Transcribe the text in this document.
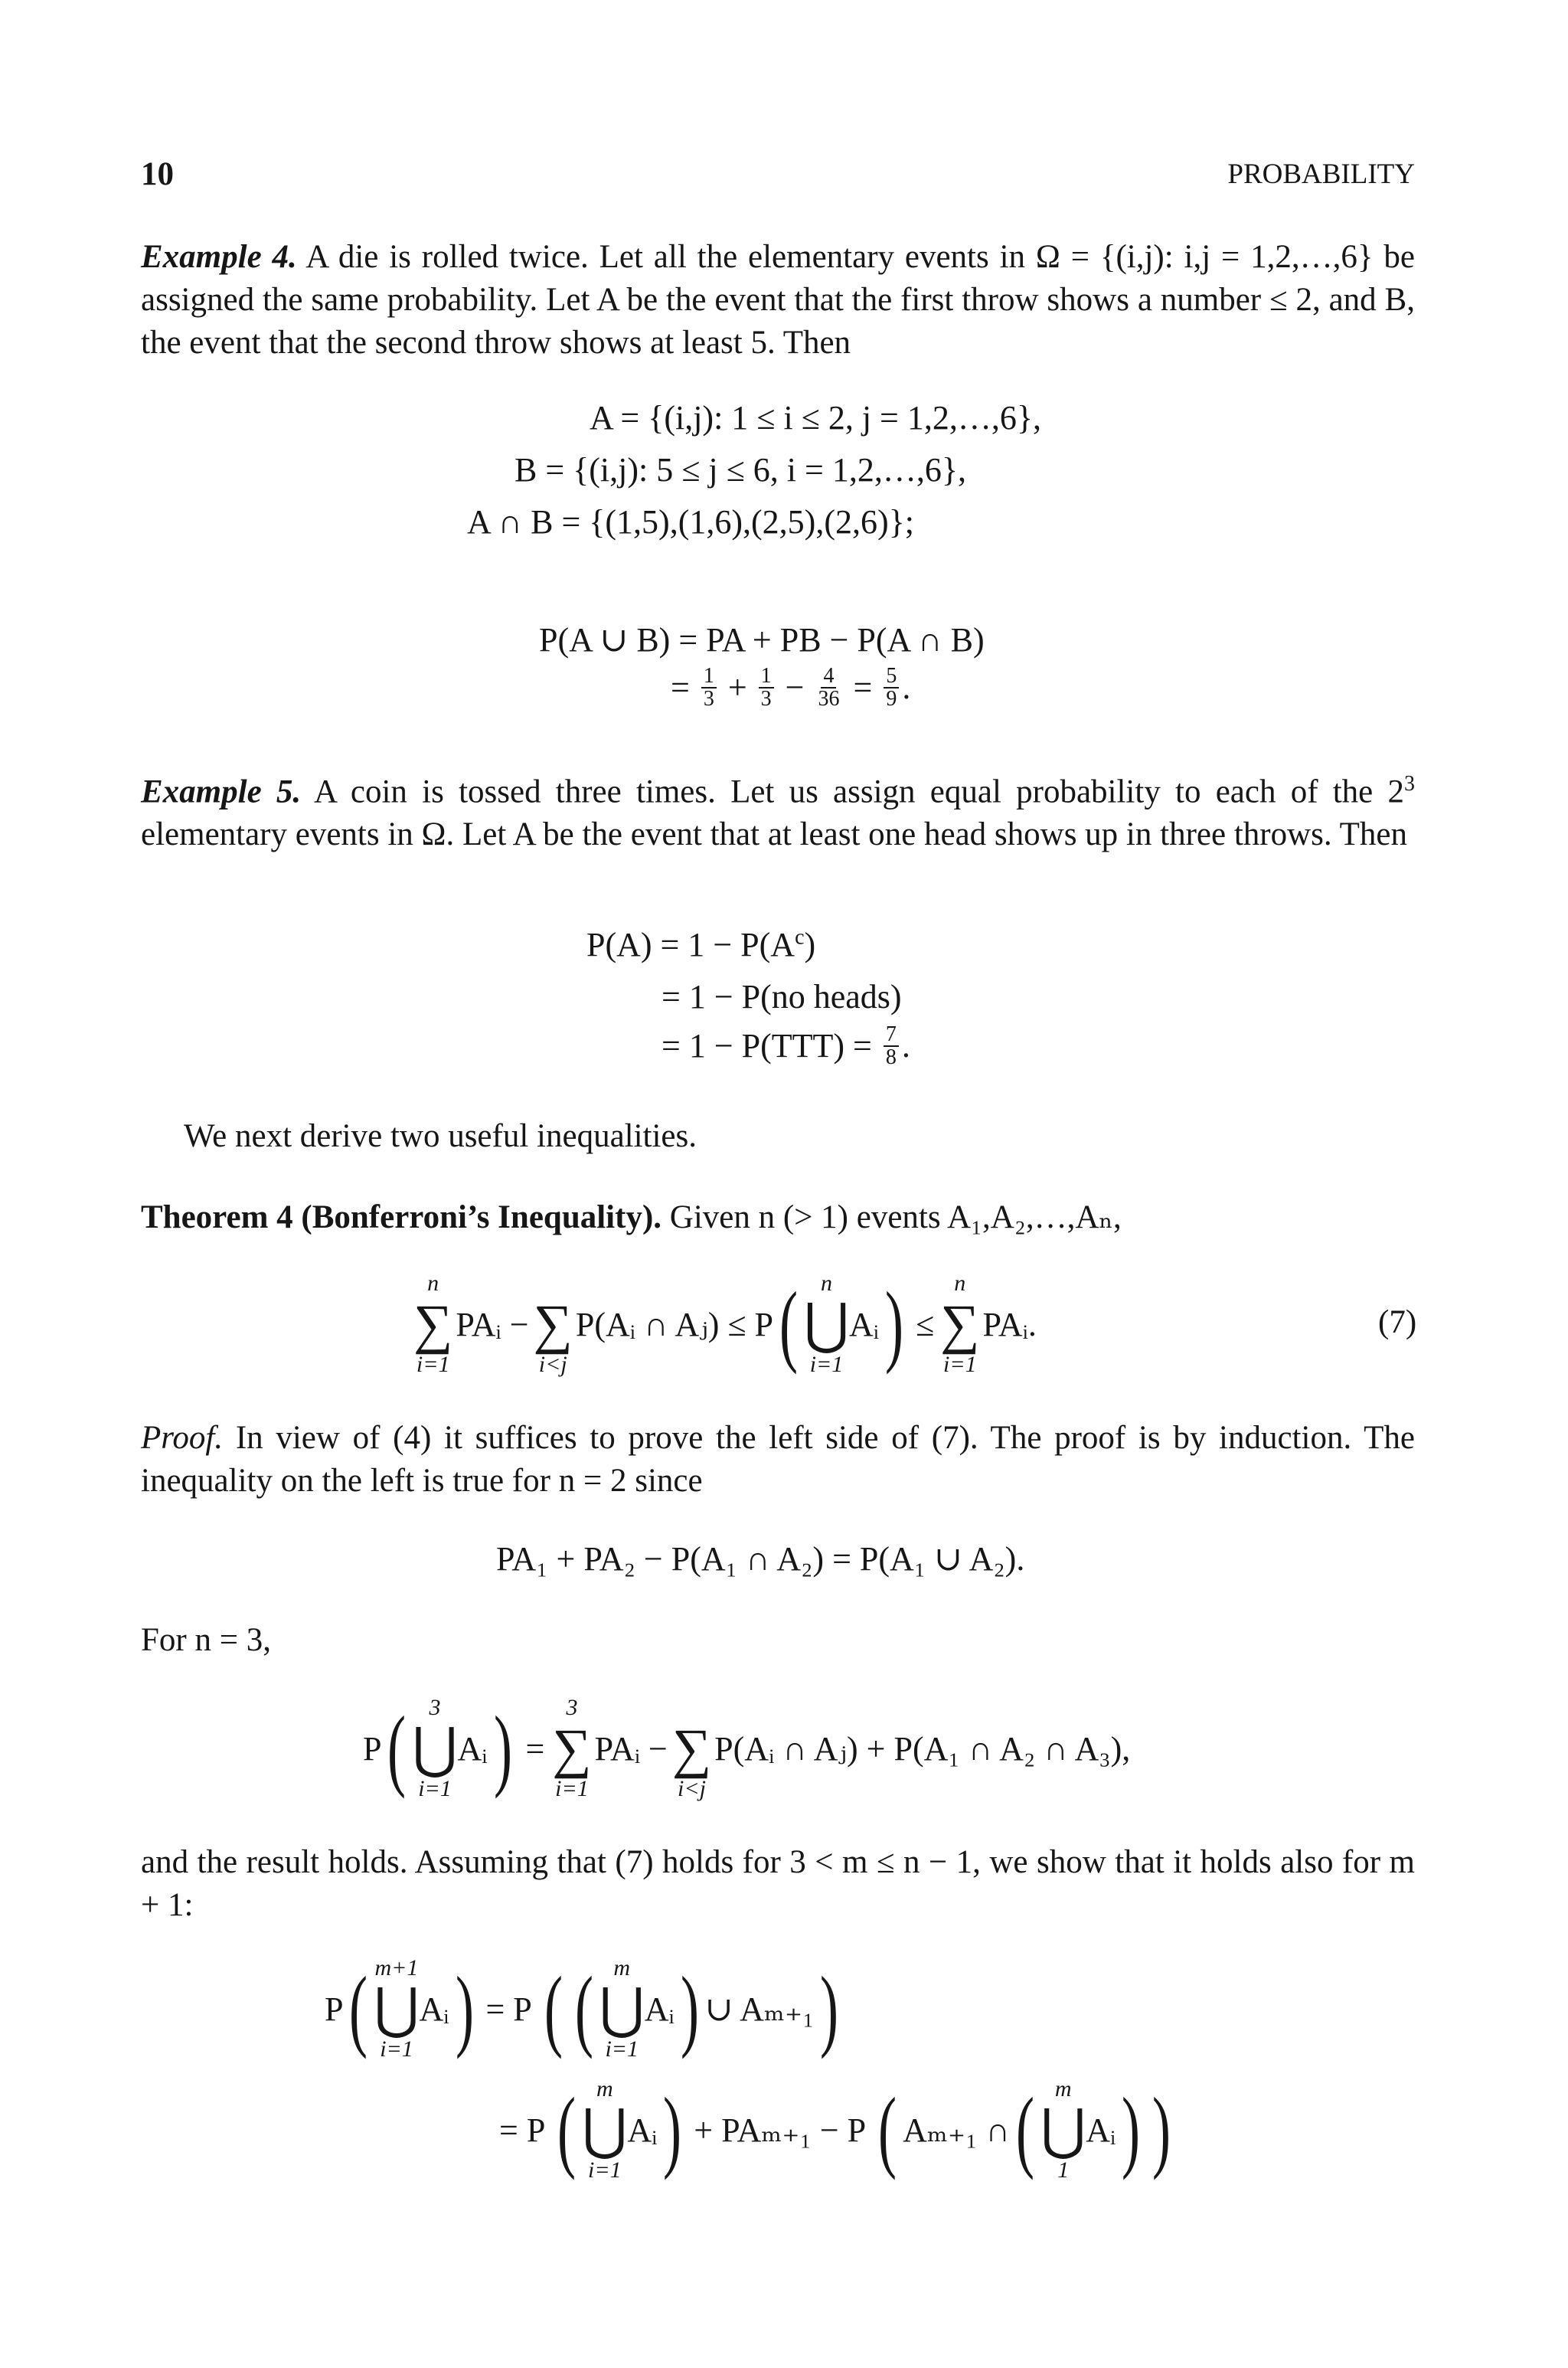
10	PROBABILITY
Example 4. A die is rolled twice. Let all the elementary events in Ω = {(i,j): i,j = 1,2,…,6} be assigned the same probability. Let A be the event that the first throw shows a number ≤ 2, and B, the event that the second throw shows at least 5. Then
A = {(i,j): 1 ≤ i ≤ 2, j = 1,2,…,6},
B = {(i,j): 5 ≤ j ≤ 6, i = 1,2,…,6},
A ∩ B = {(1,5),(1,6),(2,5),(2,6)};
P(A ∪ B) = PA + PB − P(A ∩ B)
= $\frac{1}{3} + \frac{1}{3} - \frac{4}{36} = \frac{5}{9}$ .
Example 5. A coin is tossed three times. Let us assign equal probability to each of the $2^3$ elementary events in Ω. Let A be the event that at least one head shows up in three throws. Then
$P(A) = 1 - P(A^c)$
= 1 − P(no heads)
= $1 - P(TTT) = \frac{7}{8}$ .
We next derive two useful inequalities.
Theorem 4 (Bonferroni’s Inequality). Given n (> 1) events A₁,A₂,…,Aₙ,
n
∑
i=1
PAᵢ − ∑
i<j
P(Aᵢ ∩ Aⱼ) ≤ P ( n
⋃
i=1
Aᵢ ) ≤
n
∑
i=1
PAᵢ.	(7)
Proof. In view of (4) it suffices to prove the left side of (7). The proof is by induction. The inequality on the left is true for n = 2 since
PA₁ + PA₂ − P(A₁ ∩ A₂) = P(A₁ ∪ A₂).
For n = 3,
P ( 3
⋃
i=1
Aᵢ ) =
3
∑
i=1
PAᵢ − ∑
i<j
P(Aᵢ ∩ Aⱼ) + P(A₁ ∩ A₂ ∩ A₃),
and the result holds. Assuming that (7) holds for 3 < m ≤ n − 1, we show that it holds also for m + 1:
P ( m+1
⋃
i=1
Aᵢ ) = P ( ( m
⋃
i=1
Aᵢ ) ∪ Aₘ₊₁ )
= P ( m
⋃
i=1
Aᵢ ) + PAₘ₊₁ − P ( Aₘ₊₁ ∩ ( m
⋃
1
Aᵢ ) )
